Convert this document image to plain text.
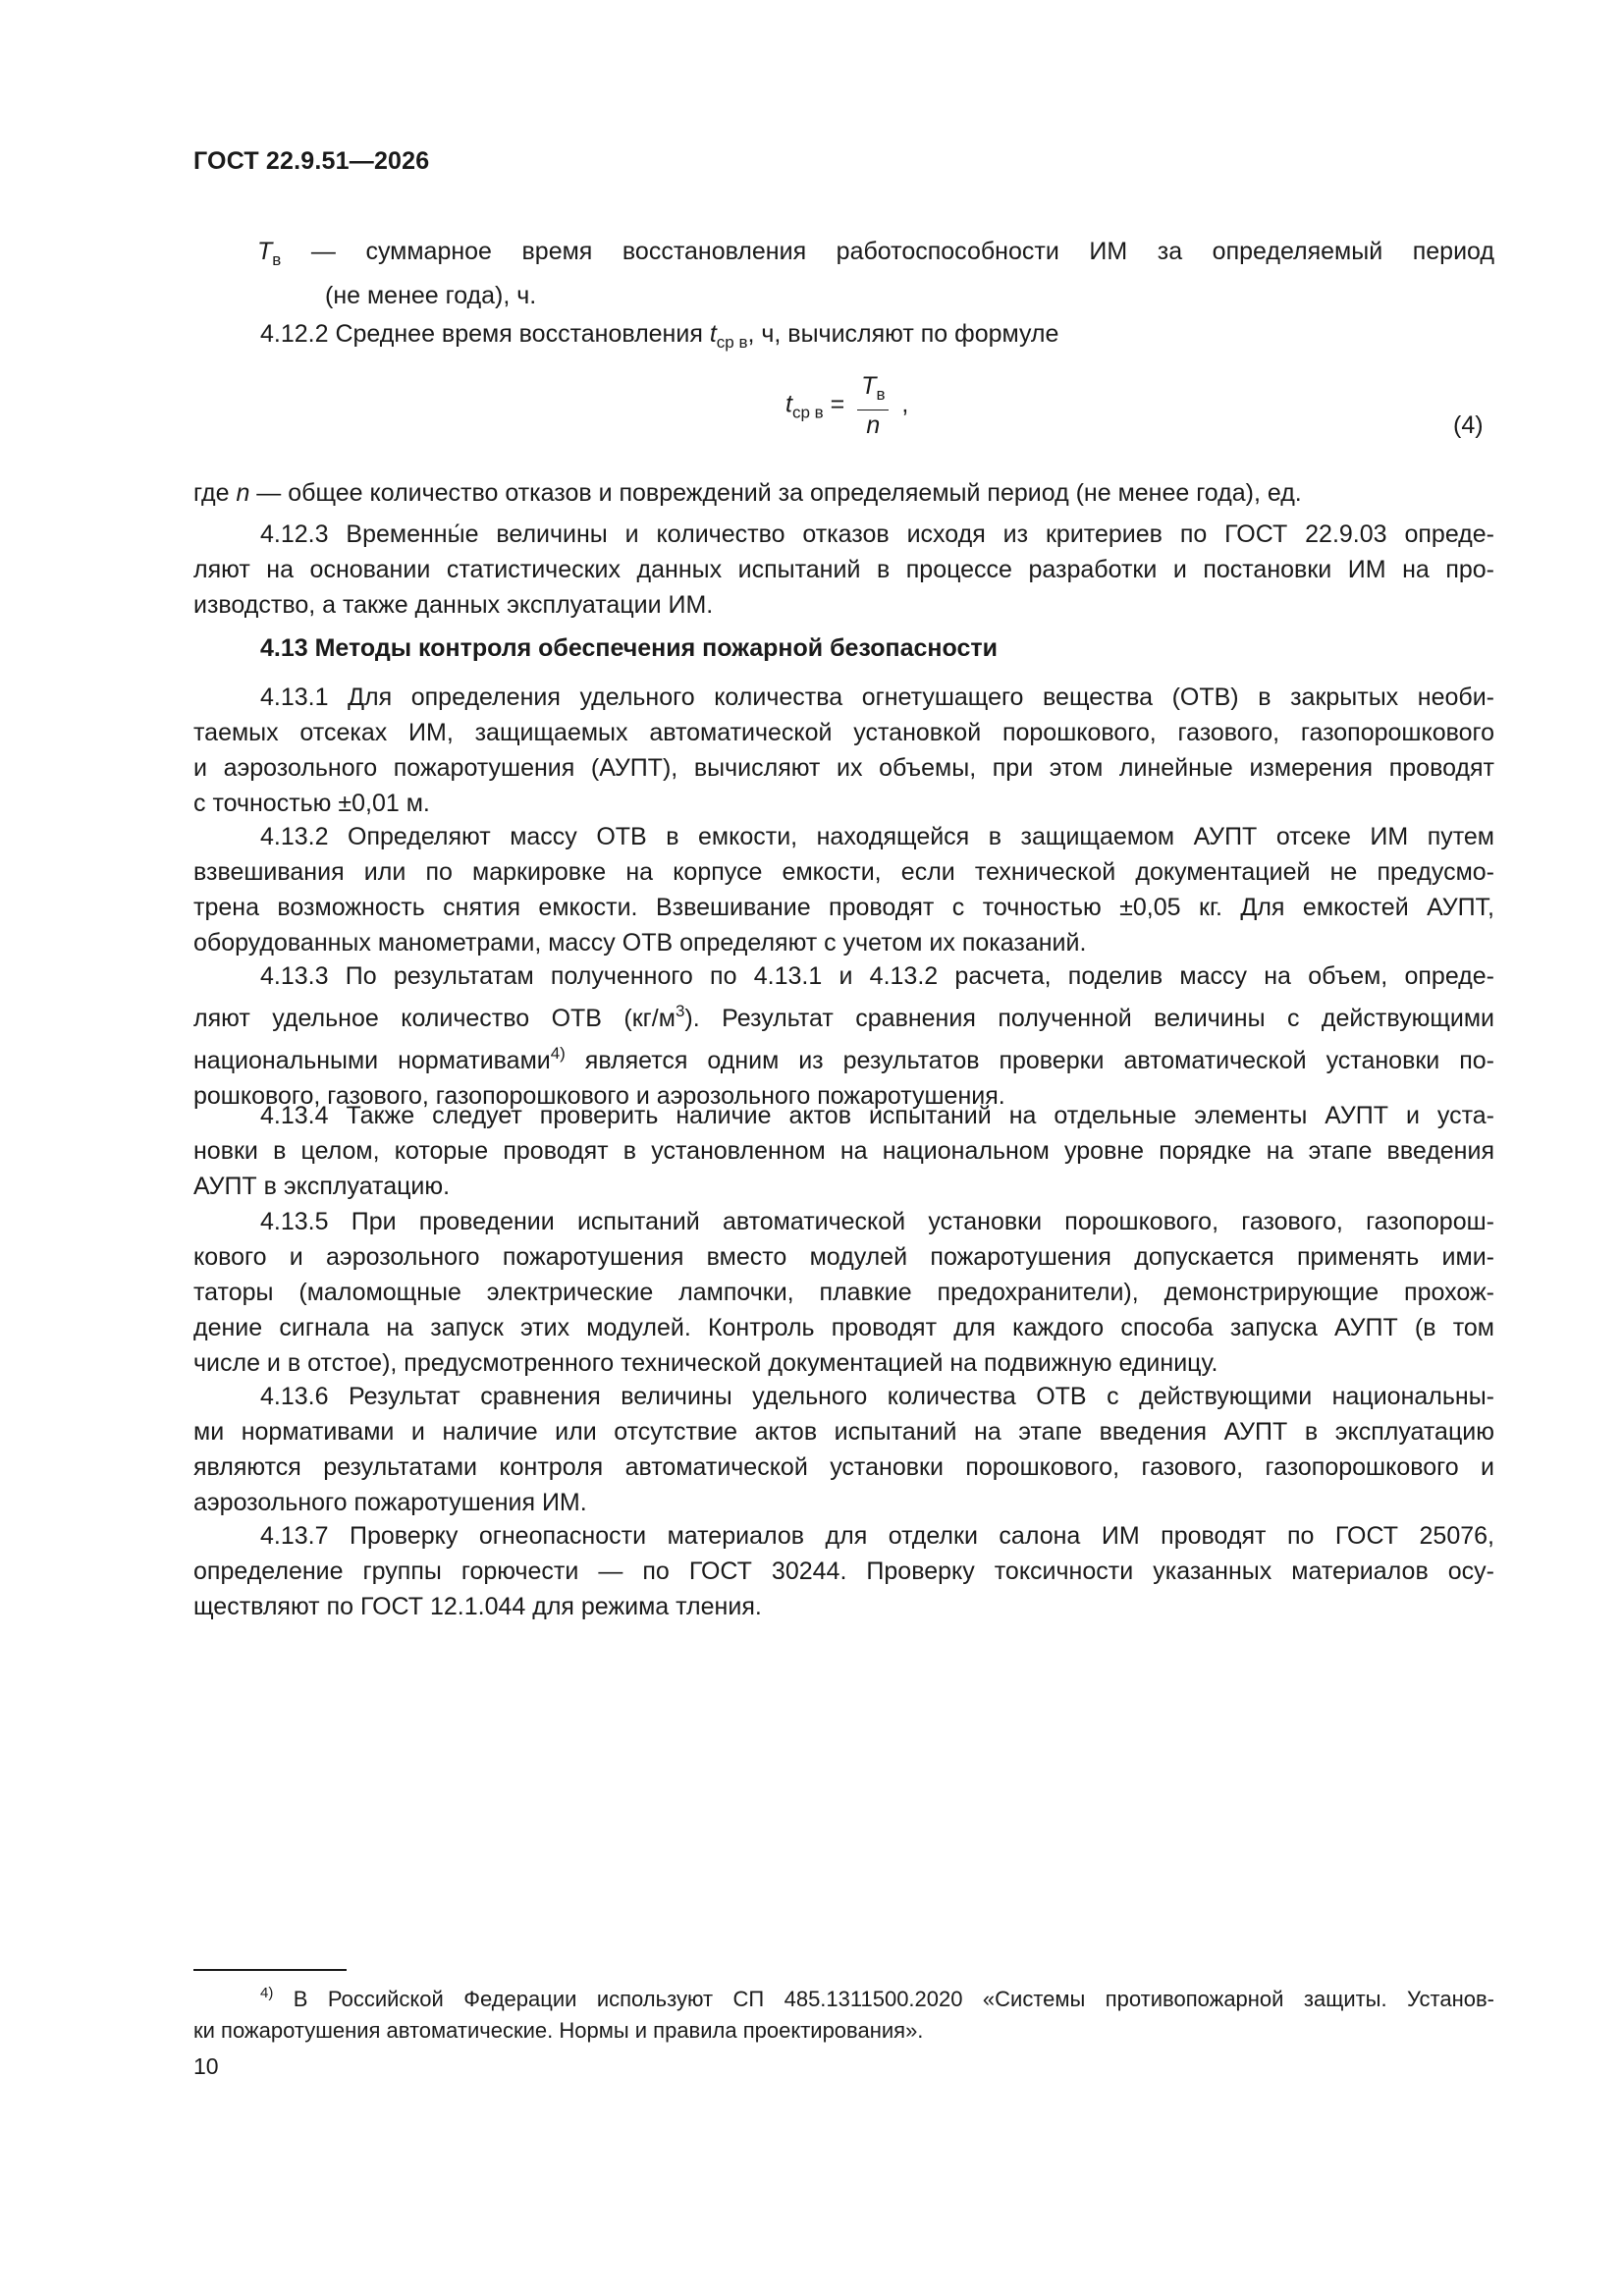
ГОСТ 22.9.51—2026
$T_в$ — суммарное время восстановления работоспособности ИМ за определяемый период
(не менее года), ч.
4.12.2 Среднее время восстановления $t_{ср в}$, ч, вычисляют по формуле
$t_{ср в} = \frac{T_в}{n}$ ,
(4)
где n — общее количество отказов и повреждений за определяемый период (не менее года), ед.
4.12.3 Временны́е величины и количество отказов исходя из критериев по ГОСТ 22.9.03 опреде-
ляют на основании статистических данных испытаний в процессе разработки и постановки ИМ на про-
изводство, а также данных эксплуатации ИМ.
4.13 Методы контроля обеспечения пожарной безопасности
4.13.1 Для определения удельного количества огнетушащего вещества (ОТВ) в закрытых необи-
таемых отсеках ИМ, защищаемых автоматической установкой порошкового, газового, газопорошкового
и аэрозольного пожаротушения (АУПТ), вычисляют их объемы, при этом линейные измерения проводят
с точностью ±0,01 м.
4.13.2 Определяют массу ОТВ в емкости, находящейся в защищаемом АУПТ отсеке ИМ путем
взвешивания или по маркировке на корпусе емкости, если технической документацией не предусмо-
трена возможность снятия емкости. Взвешивание проводят с точностью ±0,05 кг. Для емкостей АУПТ,
оборудованных манометрами, массу ОТВ определяют с учетом их показаний.
4.13.3 По результатам полученного по 4.13.1 и 4.13.2 расчета, поделив массу на объем, опреде-
ляют удельное количество ОТВ $(кг/м^3)$. Результат сравнения полученной величины с действующими
национальными нормативами$^{4)}$ является одним из результатов проверки автоматической установки по-
рошкового, газового, газопорошкового и аэрозольного пожаротушения.
4.13.4 Также следует проверить наличие актов испытаний на отдельные элементы АУПТ и уста-
новки в целом, которые проводят в установленном на национальном уровне порядке на этапе введения
АУПТ в эксплуатацию.
4.13.5 При проведении испытаний автоматической установки порошкового, газового, газопорош-
кового и аэрозольного пожаротушения вместо модулей пожаротушения допускается применять ими-
таторы (маломощные электрические лампочки, плавкие предохранители), демонстрирующие прохож-
дение сигнала на запуск этих модулей. Контроль проводят для каждого способа запуска АУПТ (в том
числе и в отстое), предусмотренного технической документацией на подвижную единицу.
4.13.6 Результат сравнения величины удельного количества ОТВ с действующими национальны-
ми нормативами и наличие или отсутствие актов испытаний на этапе введения АУПТ в эксплуатацию
являются результатами контроля автоматической установки порошкового, газового, газопорошкового и
аэрозольного пожаротушения ИМ.
4.13.7 Проверку огнеопасности материалов для отделки салона ИМ проводят по ГОСТ 25076,
определение группы горючести — по ГОСТ 30244. Проверку токсичности указанных материалов осу-
ществляют по ГОСТ 12.1.044 для режима тления.
$^{4)}$ В Российской Федерации используют СП 485.1311500.2020 «Системы противопожарной защиты. Установ-
ки пожаротушения автоматические. Нормы и правила проектирования».
10
